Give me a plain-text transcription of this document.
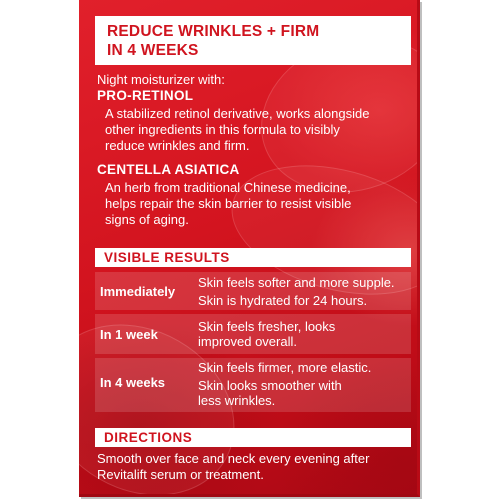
REDUCE WRINKLES + FIRM
IN 4 WEEKS
Night moisturizer with:
PRO-RETINOL
A stabilized retinol derivative, works alongside
other ingredients in this formula to visibly
reduce wrinkles and firm.
CENTELLA ASIATICA
An herb from traditional Chinese medicine,
helps repair the skin barrier to resist visible
signs of aging.
VISIBLE RESULTS
Immediately
Skin feels softer and more supple.
Skin is hydrated for 24 hours.
In 1 week
Skin feels fresher, looks
improved overall.
In 4 weeks
Skin feels firmer, more elastic.
Skin looks smoother with
less wrinkles.
DIRECTIONS
Smooth over face and neck every evening after
Revitalift serum or treatment.
